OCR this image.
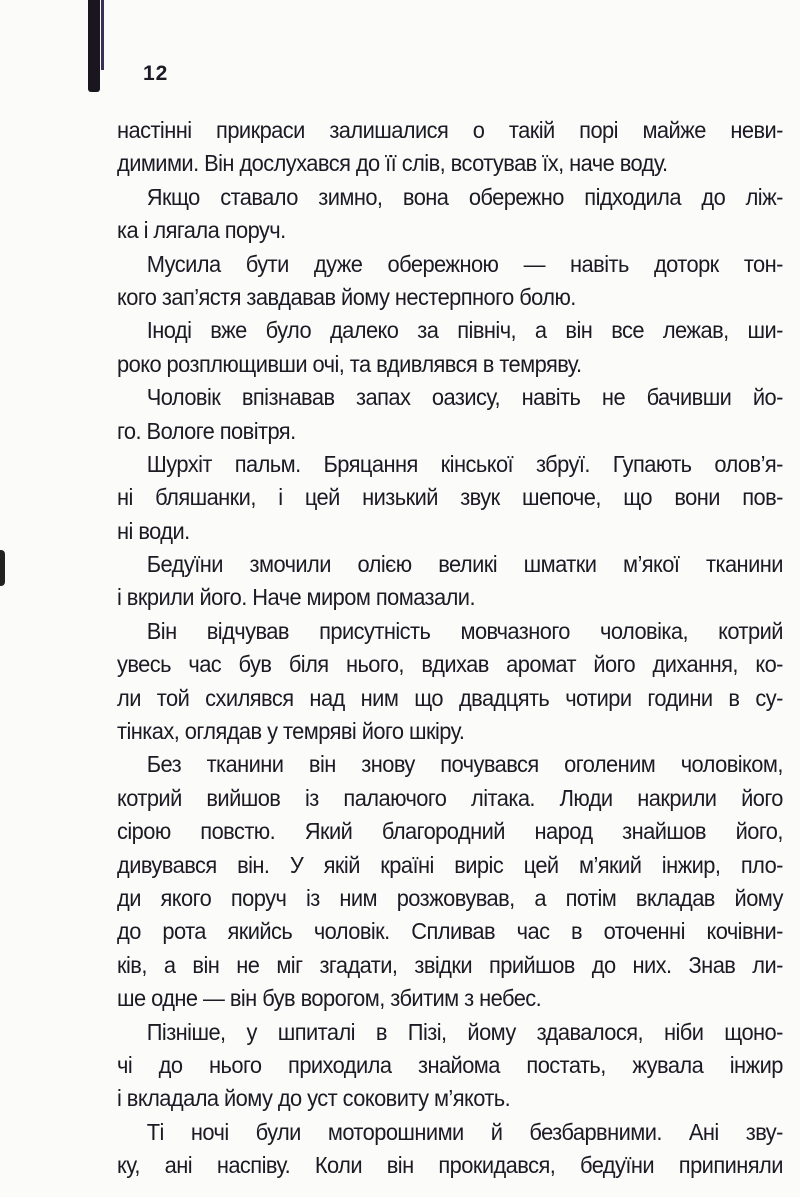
12
настінні прикраси залишалися о такій порі майже неви-
димими. Він дослухався до її слів, всотував їх, наче воду.
Якщо ставало зимно, вона обережно підходила до ліж-
ка і лягала поруч.
Мусила бути дуже обережною — навіть доторк тон-
кого зап’ястя завдавав йому нестерпного болю.
Іноді вже було далеко за північ, а він все лежав, ши-
роко розплющивши очі, та вдивлявся в темряву.
Чоловік впізнавав запах оазису, навіть не бачивши йо-
го. Вологе повітря.
Шурхіт пальм. Бряцання кінської збруї. Гупають олов’я-
ні бляшанки, і цей низький звук шепоче, що вони пов-
ні води.
Бедуїни змочили олією великі шматки м’якої тканини
і вкрили його. Наче миром помазали.
Він відчував присутність мовчазного чоловіка, котрий
увесь час був біля нього, вдихав аромат його дихання, ко-
ли той схилявся над ним що двадцять чотири години в су-
тінках, оглядав у темряві його шкіру.
Без тканини він знову почувався оголеним чоловіком,
котрий вийшов із палаючого літака. Люди накрили його
сірою повстю. Який благородний народ знайшов його,
дивувався він. У якій країні виріс цей м’який інжир, пло-
ди якого поруч із ним розжовував, а потім вкладав йому
до рота якийсь чоловік. Спливав час в оточенні кочівни-
ків, а він не міг згадати, звідки прийшов до них. Знав ли-
ше одне — він був ворогом, збитим з небес.
Пізніше, у шпиталі в Пізі, йому здавалося, ніби щоно-
чі до нього приходила знайома постать, жувала інжир
і вкладала йому до уст соковиту м’якоть.
Ті ночі були моторошними й безбарвними. Ані зву-
ку, ані наспіву. Коли він прокидався, бедуїни припиняли
